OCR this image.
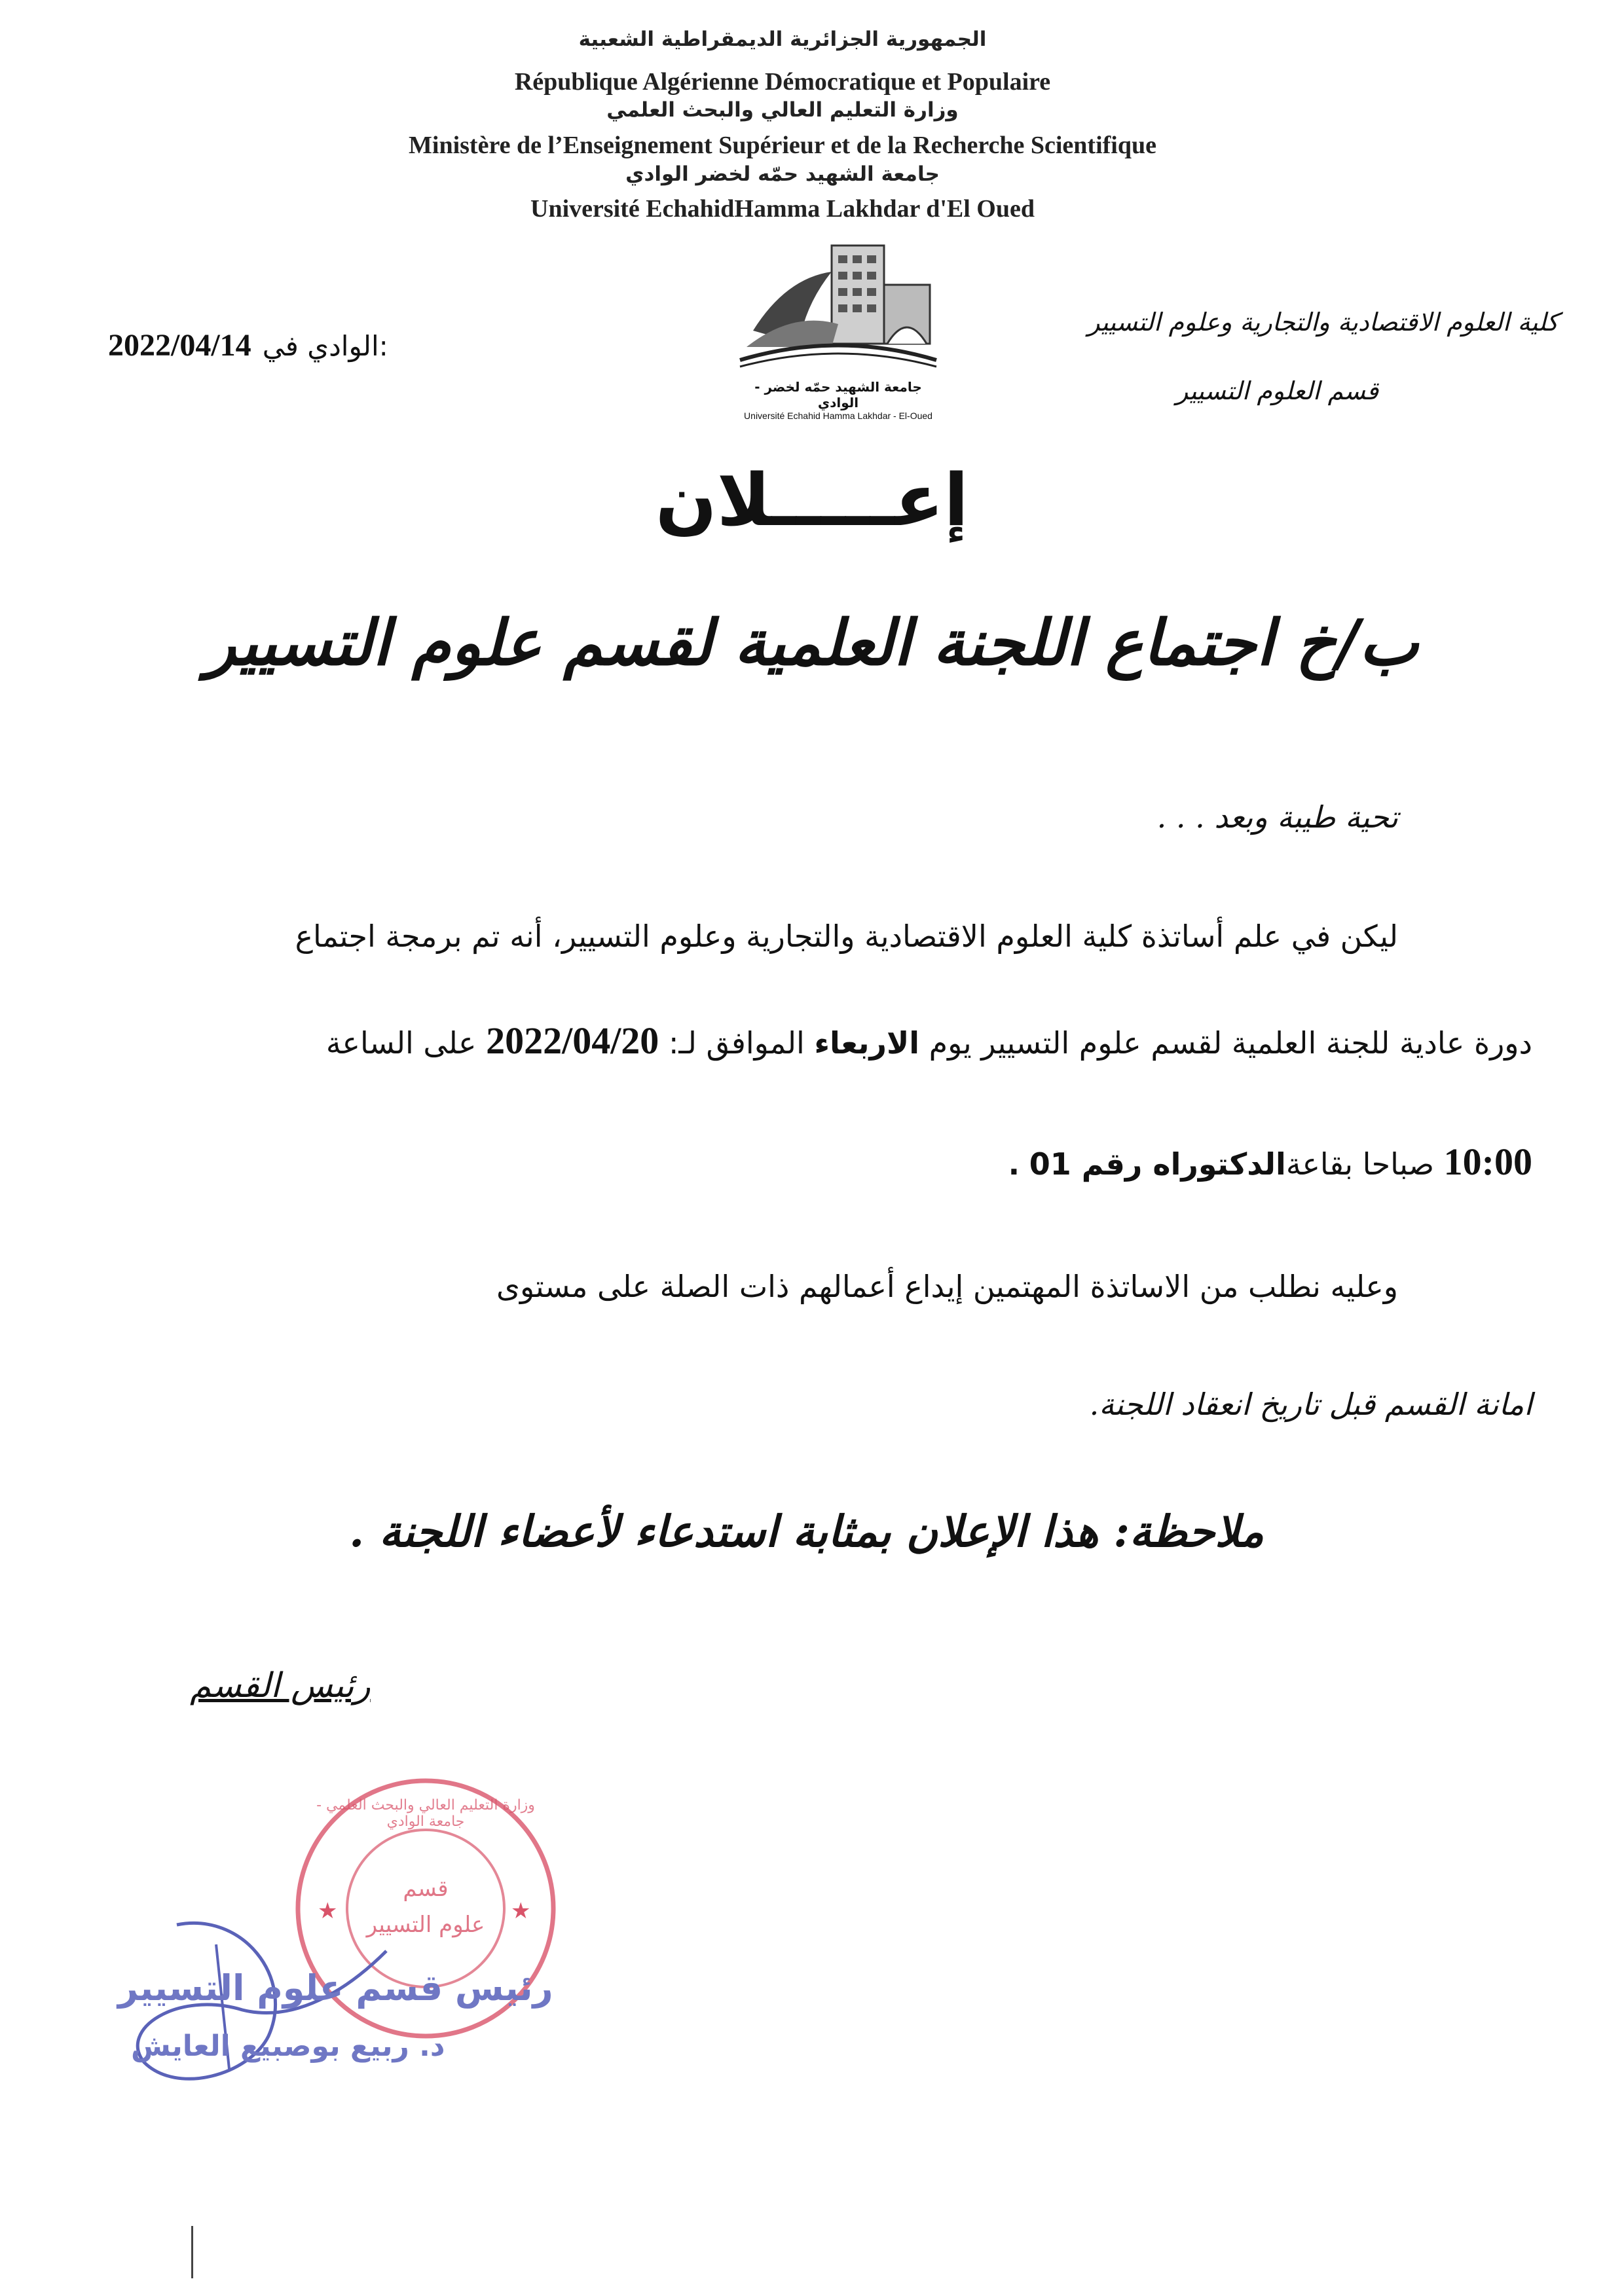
الجمهورية الجزائرية الديمقراطية الشعبية
République Algérienne Démocratique et Populaire
وزارة التعليم العالي والبحث العلمي
Ministère de l’Enseignement Supérieur et de la Recherche Scientifique
جامعة الشهيد حمّه لخضر الوادي
Université EchahidHamma Lakhdar d'El Oued
جامعة الشهيد حمّه لخضر - الوادي
Université Echahid Hamma Lakhdar - El-Oued
كلية العلوم الاقتصادية والتجارية وعلوم التسيير
قسم العلوم التسيير
2022/04/14 الوادي في:
إعـــــلان
ب/خ اجتماع اللجنة العلمية لقسم علوم التسيير
تحية طيبة وبعد . . .
ليكن في علم أساتذة كلية العلوم الاقتصادية والتجارية وعلوم التسيير، أنه تم برمجة اجتماع
دورة عادية للجنة العلمية لقسم علوم التسيير يوم الاربعاء الموافق لـ: 2022/04/20 على الساعة
10:00 صباحا بقاعةالدكتوراه رقم 01 .
وعليه نطلب من الاساتذة المهتمين إيداع أعمالهم ذات الصلة على مستوى
امانة القسم قبل تاريخ انعقاد اللجنة.
ملاحظة: هذا الإعلان بمثابة استدعاء لأعضاء اللجنة .
رئيس القسم
★	★
وزارة التعليم العالي والبحث العلمي - جامعة الوادي
قسم
علوم التسيير
رئيس قسم علوم التسيير
د. ربيع بوصبيع العايش
